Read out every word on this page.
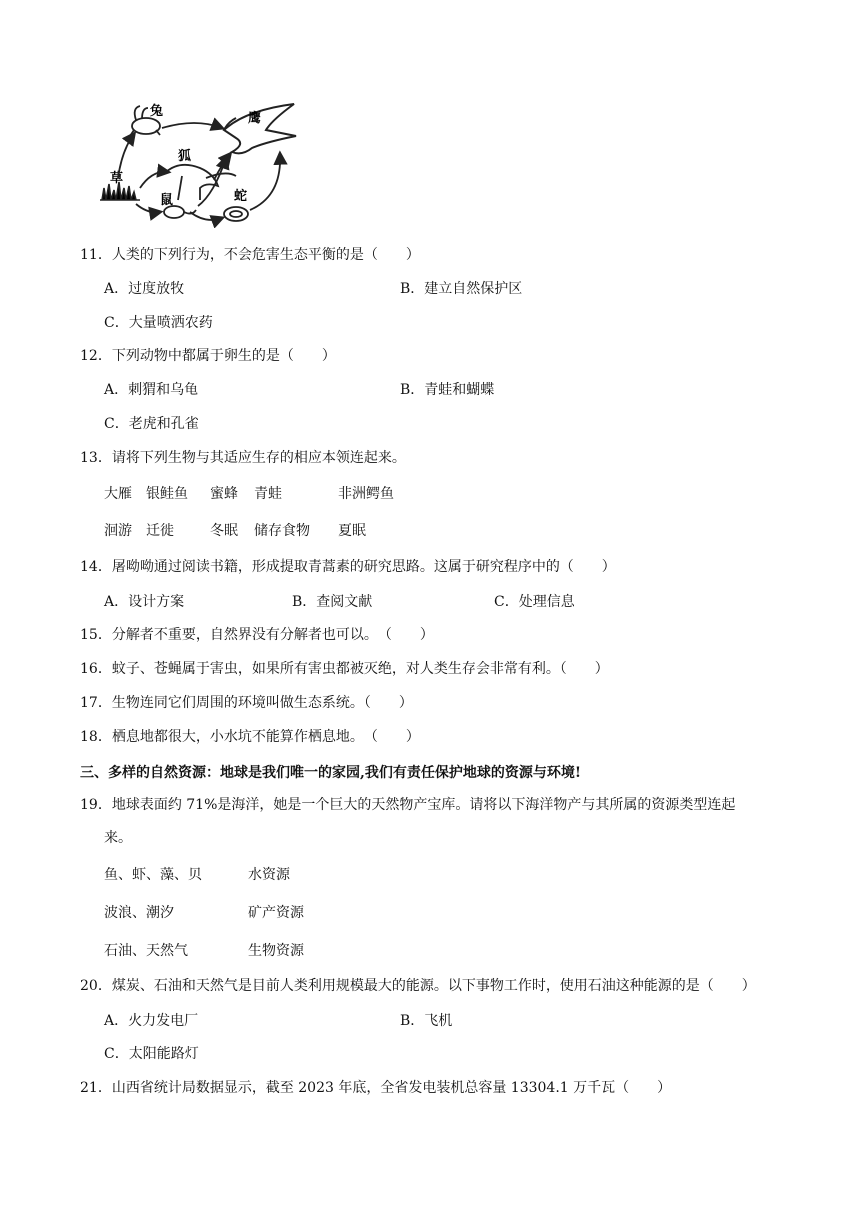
兔	鹰
狐
草
鼠	蛇
11．人类的下列行为，不会危害生态平衡的是（　　）
A．过度放牧	B．建立自然保护区
C．大量喷洒农药
12．下列动物中都属于卵生的是（　　）
A．刺猬和乌龟	B．青蛙和蝴蝶
C．老虎和孔雀
13．请将下列生物与其适应生存的相应本领连起来。
大雁 银鲑鱼 蜜蜂 青蛙	非洲鳄鱼
洄游 迁徙	冬眠 储存食物 夏眠
14．屠呦呦通过阅读书籍，形成提取青蒿素的研究思路。这属于研究程序中的（　　）
A．设计方案	B．查阅文献	C．处理信息
15．分解者不重要，自然界没有分解者也可以。　（　　）
16．蚊子、苍蝇属于害虫，如果所有害虫都被灭绝，对人类生存会非常有利。（　　）
17．生物连同它们周围的环境叫做生态系统。（　　）
18．栖息地都很大，小水坑不能算作栖息地。　（　　）
三、多样的自然资源：地球是我们唯一的家园,我们有责任保护地球的资源与环境!
19．地球表面约 71%是海洋，她是一个巨大的天然物产宝库。请将以下海洋物产与其所属的资源类型连起
来。
鱼、虾、藻、贝	水资源
波浪、潮汐	矿产资源
石油、天然气	生物资源
20．煤炭、石油和天然气是目前人类利用规模最大的能源。以下事物工作时，使用石油这种能源的是（　　）
A．火力发电厂	B．飞机
C．太阳能路灯
21．山西省统计局数据显示，截至 2023 年底，全省发电装机总容量 13304.1 万千瓦（　　）
